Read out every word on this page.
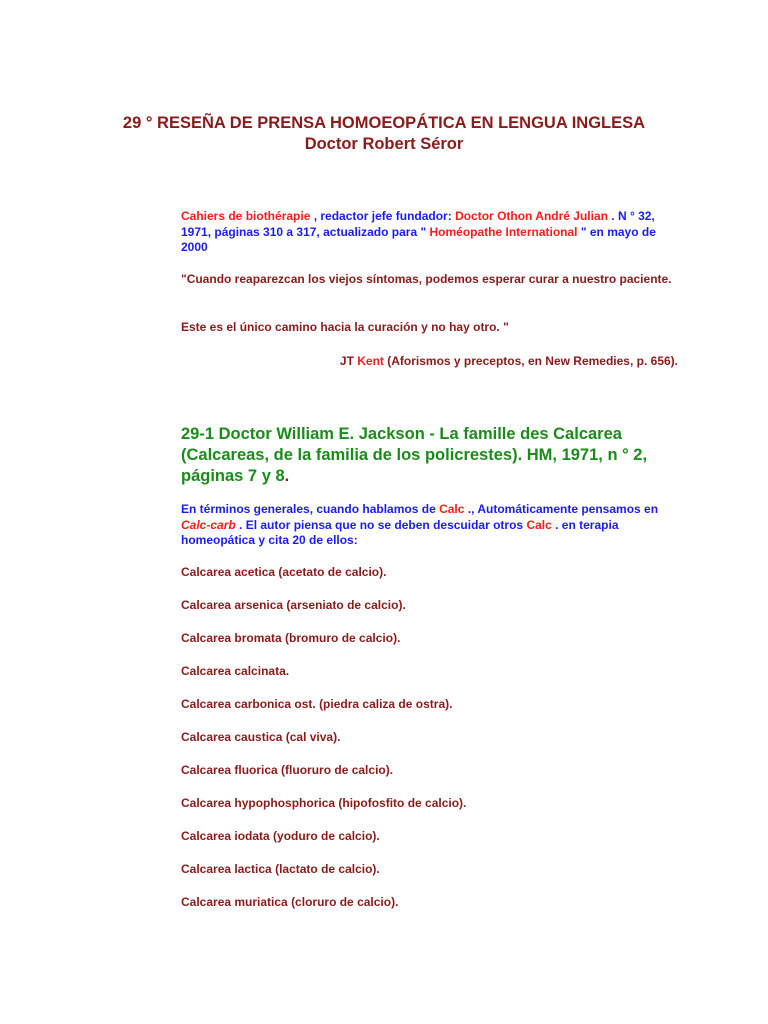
29 ° RESEÑA DE PRENSA HOMOEOPÁTICA EN LENGUA INGLESA
Doctor Robert Séror
Cahiers de biothérapie , redactor jefe fundador: Doctor Othon André Julian . N ° 32, 1971, páginas 310 a 317, actualizado para " Homéopathe International " en mayo de 2000
"Cuando reaparezcan los viejos síntomas, podemos esperar curar a nuestro paciente.
Este es el único camino hacia la curación y no hay otro. "
JT Kent (Aforismos y preceptos, en New Remedies, p. 656).
29-1 Doctor William E. Jackson - La famille des Calcarea (Calcareas, de la familia de los policrestes). HM, 1971, n ° 2, páginas 7 y 8.
En términos generales, cuando hablamos de Calc ., Automáticamente pensamos en Calc-carb . El autor piensa que no se deben descuidar otros Calc . en terapia homeopática y cita 20 de ellos:
Calcarea acetica (acetato de calcio).
Calcarea arsenica (arseniato de calcio).
Calcarea bromata (bromuro de calcio).
Calcarea calcinata.
Calcarea carbonica ost. (piedra caliza de ostra).
Calcarea caustica (cal viva).
Calcarea fluorica (fluoruro de calcio).
Calcarea hypophosphorica (hipofosfito de calcio).
Calcarea iodata (yoduro de calcio).
Calcarea lactica (lactato de calcio).
Calcarea muriatica (cloruro de calcio).
